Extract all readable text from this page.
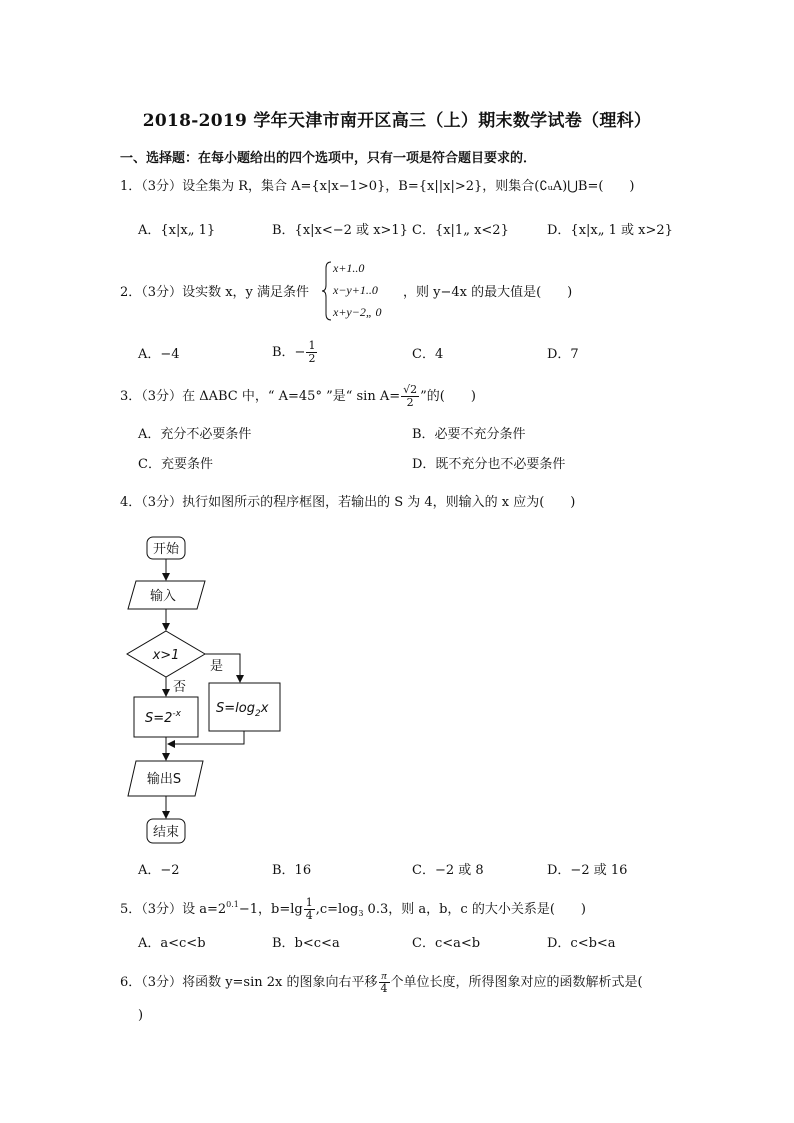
2018-2019 学年天津市南开区高三（上）期末数学试卷（理科）
一、选择题：在每小题给出的四个选项中，只有一项是符合题目要求的．
1．（3分）设全集为 R，集合 A={x|x−1>0}，B={x||x|>2}，则集合(∁ᵤA)⋃B=(　　)
A．{x|x„ 1}	B．{x|x<−2 或 x>1} C．{x|1„ x<2}	D．{x|x„ 1 或 x>2}
2．（3分）设实数 x，y 满足条件
x+1..0
x−y+1..0
x+y−2„ 0
，则 y−4x 的最大值是(　　)
A．−4	B．− $\frac{1}{2}$	C．4	D．7
3．（3分）在 ΔABC 中，“ A=45° ”是“ $\sin A= \frac{√2}{2}$ ”的(　　)
A．充分不必要条件	B．必要不充分条件
C．充要条件	D．既不充分也不必要条件
4．（3分）执行如图所示的程序框图，若输出的 S 为 4，则输入的 x 应为(　　)
开始
输入
x>1
是
否
$S=2^{-x}$	$S=\log_2x$
输出S
结束
A．−2	B．16	C．−2 或 8	D．−2 或 16
5．（3分）设 $a=2^{0.1}-1$，$b=\lg \frac{1}{4} ,c=\log_3$ 0.3，则 a，b，c 的大小关系是(　　)
A．a<c<b	B．b<c<a	C．c<a<b	D．c<b<a
6．（3分）将函数 y=sin 2x 的图象向右平移 $\frac{\pi}{4}$ 个单位长度，所得图象对应的函数解析式是(
)
